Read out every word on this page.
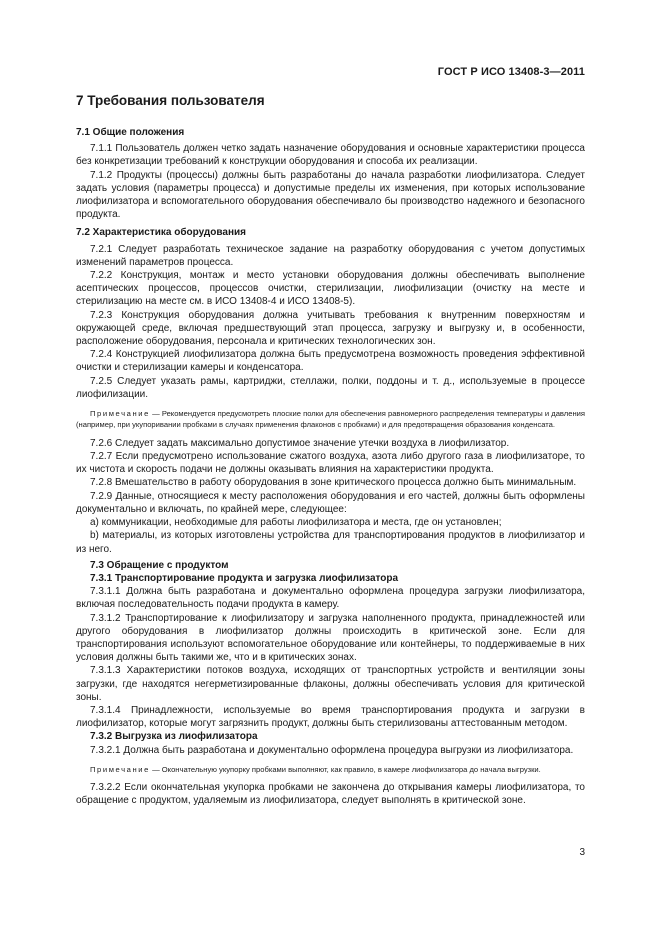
ГОСТ Р ИСО 13408-3—2011
7 Требования пользователя
7.1 Общие положения

7.1.1 Пользователь должен четко задать назначение оборудования и основные характеристики процесса без конкретизации требований к конструкции оборудования и способа их реализации.

7.1.2 Продукты (процессы) должны быть разработаны до начала разработки лиофилизатора. Следует задать условия (параметры процесса) и допустимые пределы их изменения, при которых использование лиофилизатора и вспомогательного оборудования обеспечивало бы производство надежного и безопасного продукта.

7.2 Характеристика оборудования

7.2.1 Следует разработать техническое задание на разработку оборудования с учетом допустимых изменений параметров процесса.

7.2.2 Конструкция, монтаж и место установки оборудования должны обеспечивать выполнение асептических процессов, процессов очистки, стерилизации, лиофилизации (очистку на месте и стерилизацию на месте см. в ИСО 13408-4 и ИСО 13408-5).

7.2.3 Конструкция оборудования должна учитывать требования к внутренним поверхностям и окружающей среде, включая предшествующий этап процесса, загрузку и выгрузку и, в особенности, расположение оборудования, персонала и критических технологических зон.

7.2.4 Конструкцией лиофилизатора должна быть предусмотрена возможность проведения эффективной очистки и стерилизации камеры и конденсатора.

7.2.5 Следует указать рамы, картриджи, стеллажи, полки, поддоны и т. д., используемые в процессе лиофилизации.

Примечание — Рекомендуется предусмотреть плоские полки для обеспечения равномерного распределения температуры и давления (например, при укупоривании пробками в случаях применения флаконов с пробками) и для предотвращения образования конденсата.

7.2.6 Следует задать максимально допустимое значение утечки воздуха в лиофилизатор.

7.2.7 Если предусмотрено использование сжатого воздуха, азота либо другого газа в лиофилизаторе, то их чистота и скорость подачи не должны оказывать влияния на характеристики продукта.

7.2.8 Вмешательство в работу оборудования в зоне критического процесса должно быть минимальным.

7.2.9 Данные, относящиеся к месту расположения оборудования и его частей, должны быть оформлены документально и включать, по крайней мере, следующее:

а) коммуникации, необходимые для работы лиофилизатора и места, где он установлен;

b) материалы, из которых изготовлены устройства для транспортирования продуктов в лиофилизатор и из него.

7.3 Обращение с продуктом
7.3.1 Транспортирование продукта и загрузка лиофилизатора

7.3.1.1 Должна быть разработана и документально оформлена процедура загрузки лиофилизатора, включая последовательность подачи продукта в камеру.

7.3.1.2 Транспортирование к лиофилизатору и загрузка наполненного продукта, принадлежностей или другого оборудования в лиофилизатор должны происходить в критической зоне. Если для транспортирования используют вспомогательное оборудование или контейнеры, то поддерживаемые в них условия должны быть такими же, что и в критических зонах.

7.3.1.3 Характеристики потоков воздуха, исходящих от транспортных устройств и вентиляции зоны загрузки, где находятся негерметизированные флаконы, должны обеспечивать условия для критической зоны.

7.3.1.4 Принадлежности, используемые во время транспортирования продукта и загрузки в лиофилизатор, которые могут загрязнить продукт, должны быть стерилизованы аттестованным методом.

7.3.2 Выгрузка из лиофилизатора

7.3.2.1 Должна быть разработана и документально оформлена процедура выгрузки из лиофилизатора.

Примечание — Окончательную укупорку пробками выполняют, как правило, в камере лиофилизатора до начала выгрузки.

7.3.2.2 Если окончательная укупорка пробками не закончена до открывания камеры лиофилизатора, то обращение с продуктом, удаляемым из лиофилизатора, следует выполнять в критической зоне.

3
